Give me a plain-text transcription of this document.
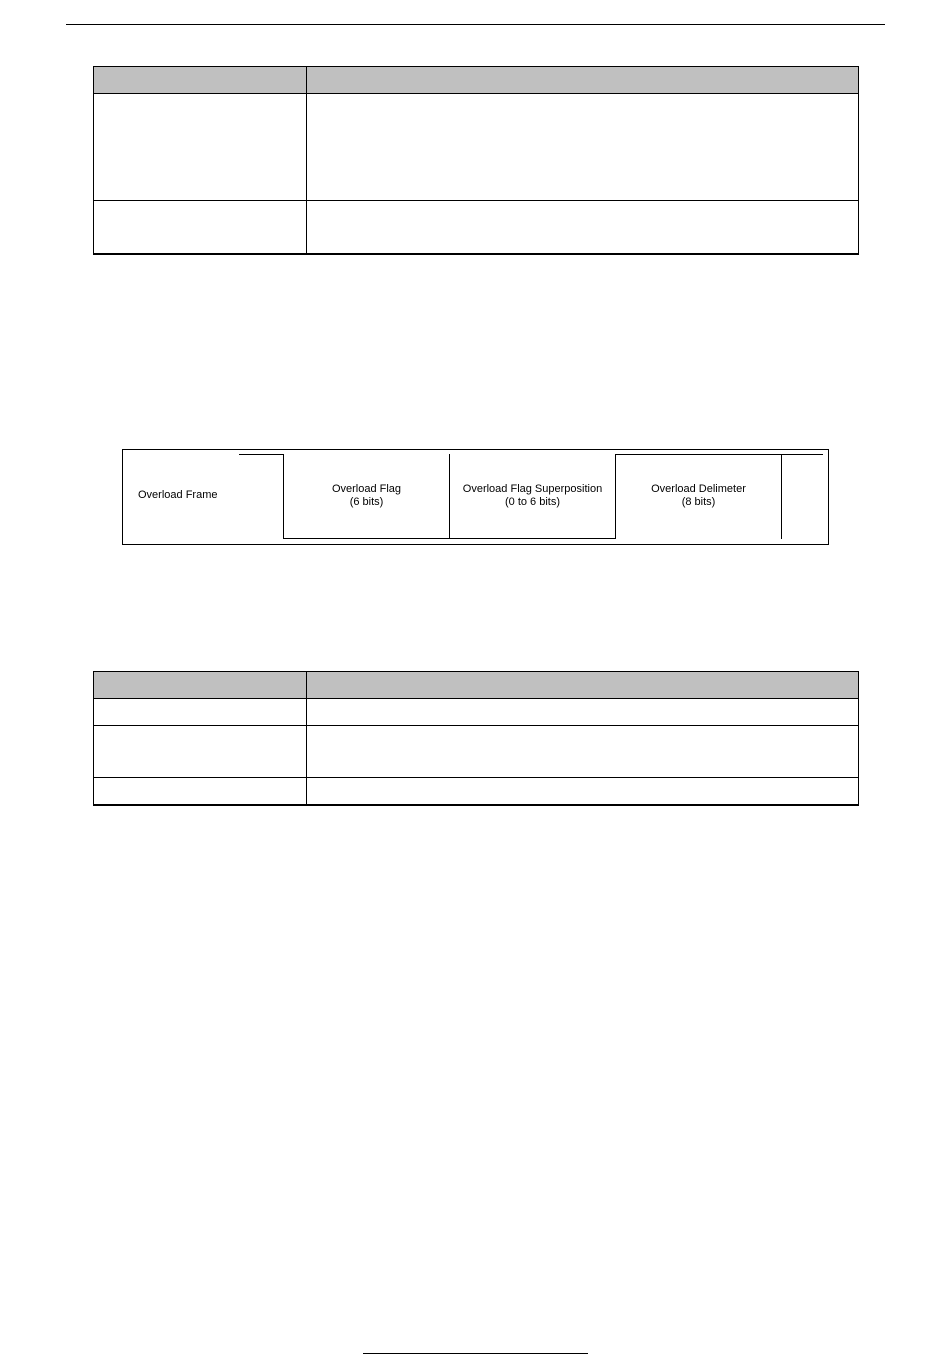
Overload Frame	Overload Flag
(6 bits)
Overload Flag Superposition
(0 to 6 bits)
Overload Delimeter
(8 bits)
